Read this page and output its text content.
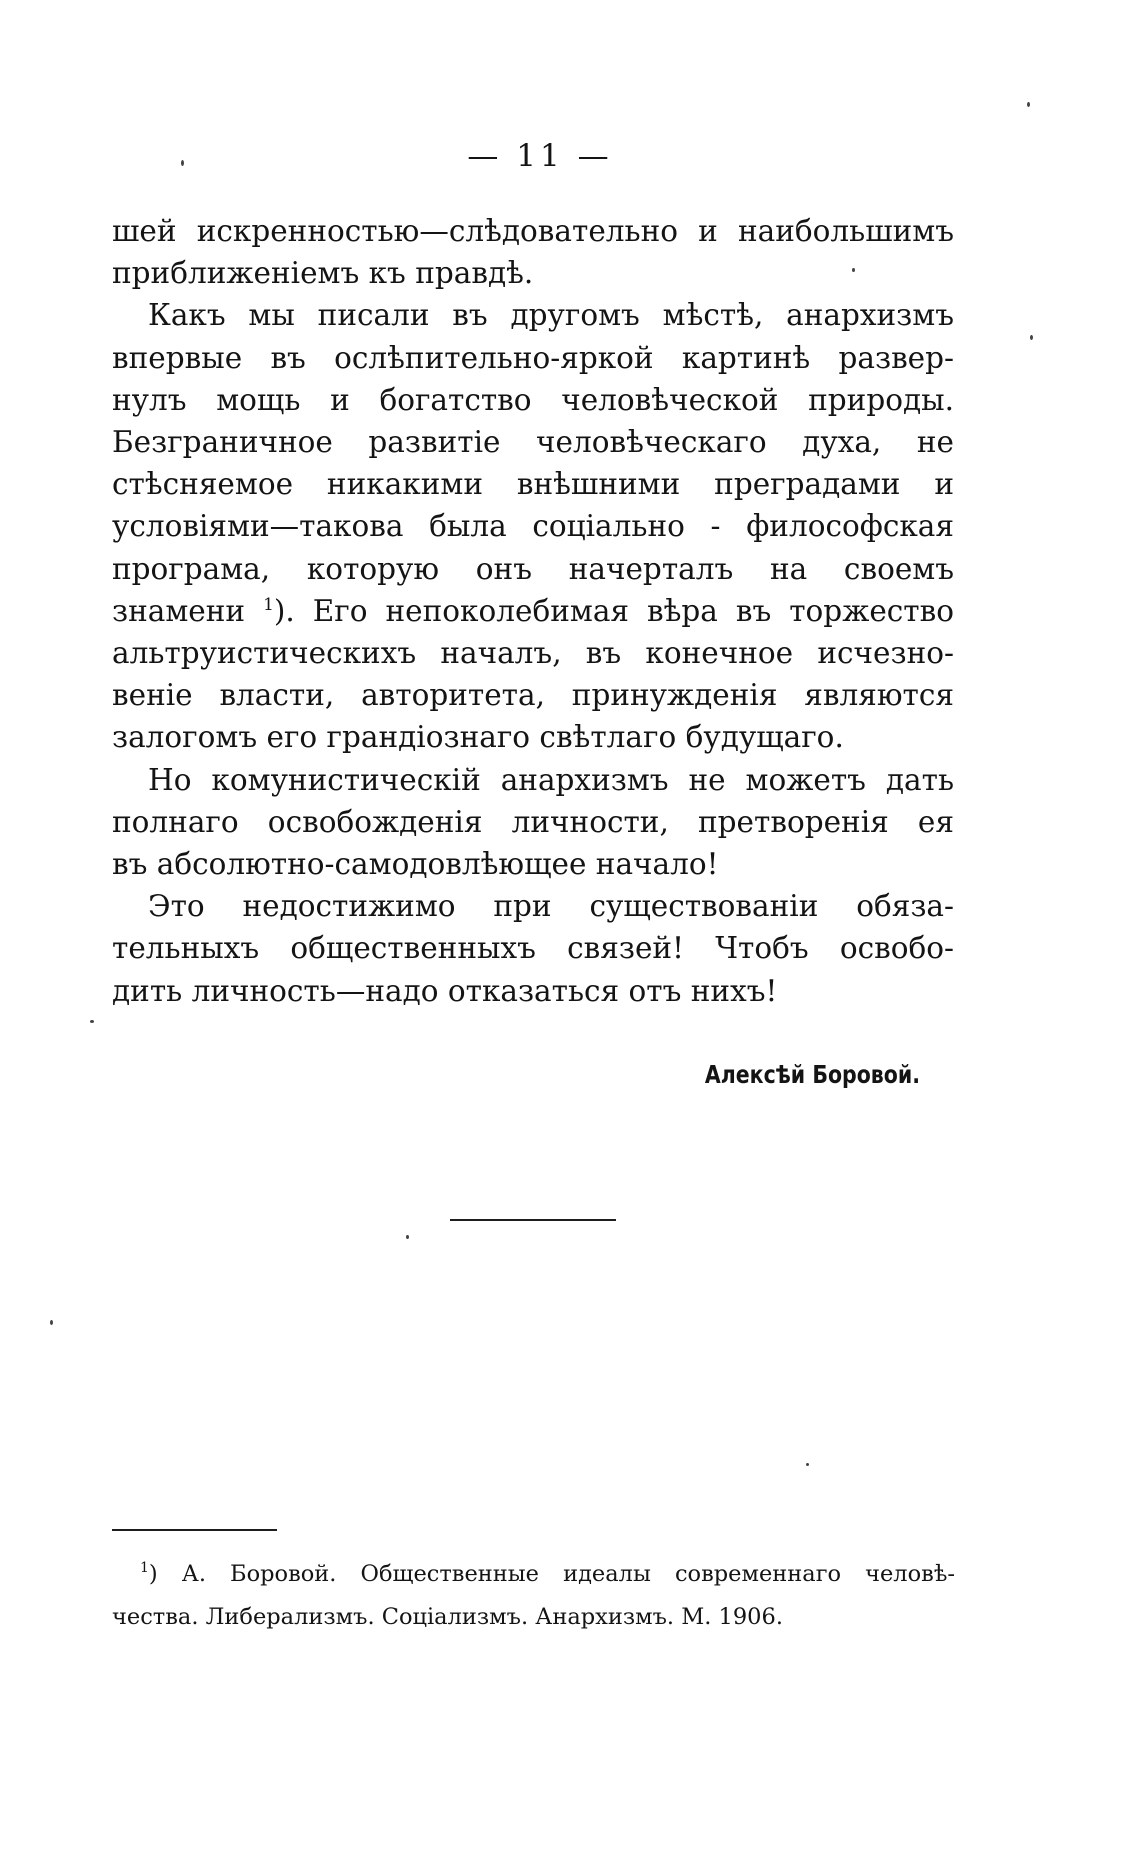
— 11 —
шей искренностью—слѣдовательно и наибольшимъ
приближеніемъ къ правдѣ.
Какъ мы писали въ другомъ мѣстѣ, анархизмъ
впервые въ ослѣпительно-яркой картинѣ развер-
нулъ мощь и богатство человѣческой природы.
Безграничное развитіе человѣческаго духа, не
стѣсняемое никакими внѣшними преградами и
условіями—такова была соціально - философская
програма, которую онъ начерталъ на своемъ
знамени $^1$). Его непоколебимая вѣра въ торжество
альтруистическихъ началъ, въ конечное исчезно-
веніе власти, авторитета, принужденія являются
залогомъ его грандіознаго свѣтлаго будущаго.
Но комунистическій анархизмъ не можетъ дать
полнаго освобожденія личности, претворенія ея
въ абсолютно-самодовлѣющее начало!
Это недостижимо при существованіи обяза-
тельныхъ общественныхъ связей! Чтобъ освобо-
дить личность—надо отказаться отъ нихъ!
Алексѣй Боровой.
$^1$) А. Боровой. Общественные идеалы современнаго человѣ-
чества. Либерализмъ. Соціализмъ. Анархизмъ. М. 1906.
